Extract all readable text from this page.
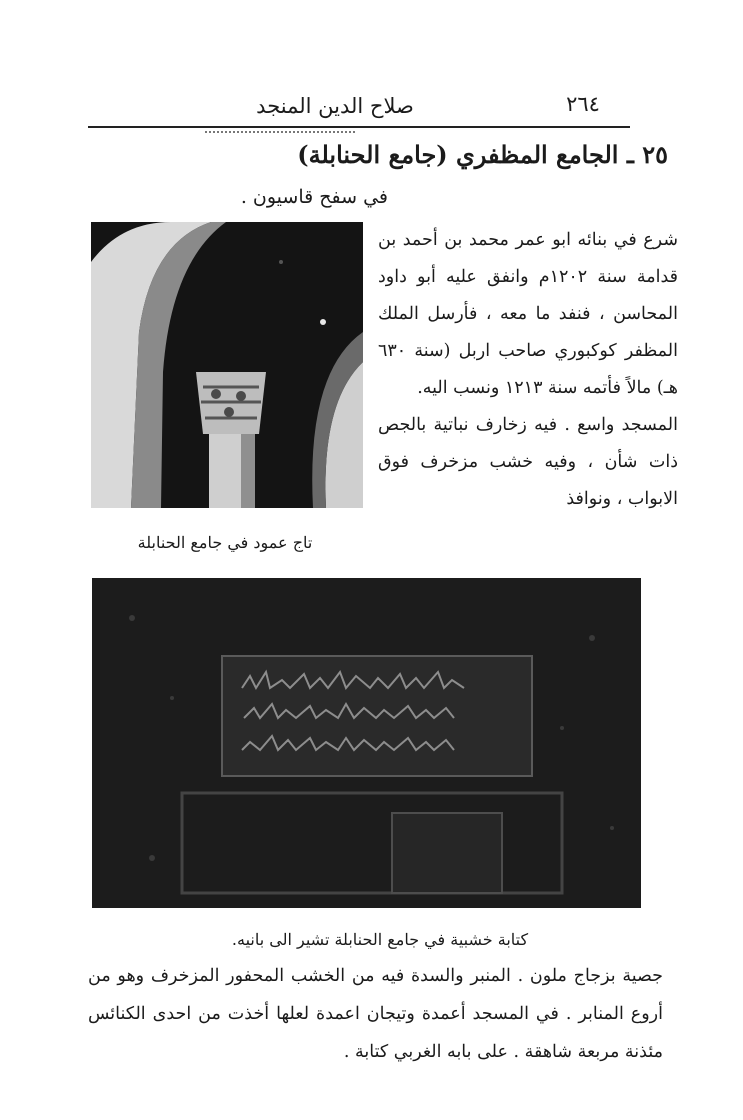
صلاح الدين المنجد	٢٦٤
٢٥ ـ الجامع المظفري (جامع الحنابلة)
في سفح قاسيون .

شرع في بنائه ابو عمر محمد بن أحمد بن قدامة سنة ١٢٠٢م وانفق عليه أبو داود المحاسن ، فنفد ما معه ، فأرسل الملك المظفر كوكبوري صاحب اربل (سنة ٦٣٠ هـ) مالاً فأتمه سنة ١٢١٣ ونسب اليه.

المسجد واسع . فيه زخارف نباتية بالجص ذات شأن ، وفيه خشب مزخرف فوق الابواب ، ونوافذ

تاج عمود في جامع الحنابلة
كتابة خشبية في جامع الحنابلة تشير الى بانيه.

جصية بزجاج ملون . المنبر والسدة فيه من الخشب المحفور المزخرف وهو من أروع المنابر . في المسجد أعمدة وتيجان اعمدة لعلها أخذت من احدى الكنائس مئذنة مربعة شاهقة . على بابه الغربي كتابة .
